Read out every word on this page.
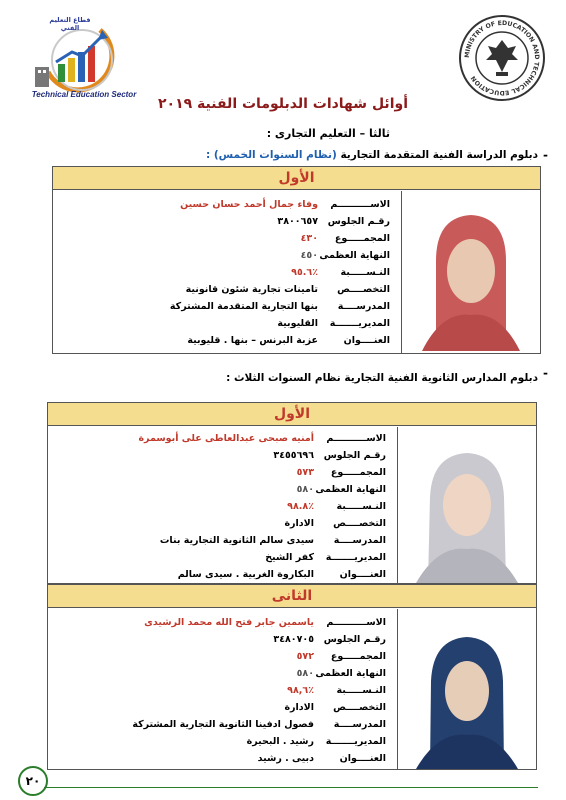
قطاع التعليم الفني
Technical Education Sector
MINISTRY OF EDUCATION AND TECHNICAL EDUCATION
أوائل شهادات الدبلومات الفنية ٢٠١٩
ثالثا – التعليم التجارى :
-
دبلوم الدراسة الفنية المتقدمة التجارية (نظام السنوات الخمس) :
الأول
الاســــــــــم
وفاء جمال أحمد حسان حسين
رقـم الجلوس
٣٨٠٠٦٥٧
المجمـــــوع
٤٣٠
النهاية العظمى
٤٥٠
النـســـــبة
٪٩٥.٦
التخصــــص
تامينات تجارية شئون قانونية
المدرســــة
بنها التجارية المتقدمة المشتركة
المديريـــــــة
القليوبية
العنــــوان
عزبة البرنس – بنها . قليوبية
-
دبلوم المدارس الثانوية الفنية التجارية نظام السنوات الثلاث :
الأول
الاســــــــــم
أمنيه صبحى عبدالعاطى على أبوسمرة
رقـم الجلوس
٣٤٥٥٦٩٦
المجمـــــوع
٥٧٣
النهاية العظمى
٥٨٠
النـســـــبة
٪٩٨.٨
التخصــــص
الادارة
المدرســــة
سيدى سالم الثانوية التجارية بنات
المديريـــــــة
كفر الشيخ
العنــــوان
البكاروة الغربية . سيدى سالم
الثانى
الاســــــــــم
ياسمين جابر فتح الله محمد الرشيدى
رقـم الجلوس
٣٤٨٠٧٠٥
المجمـــــوع
٥٧٢
النهاية العظمى
٥٨٠
النـســـــبة
٪٩٨,٦
التخصــــص
الادارة
المدرســــة
فصول ادفينا الثانوية التجارية المشتركة
المديريـــــــة
رشيد . البحيرة
العنــــوان
دبيى . رشيد
٢٠
